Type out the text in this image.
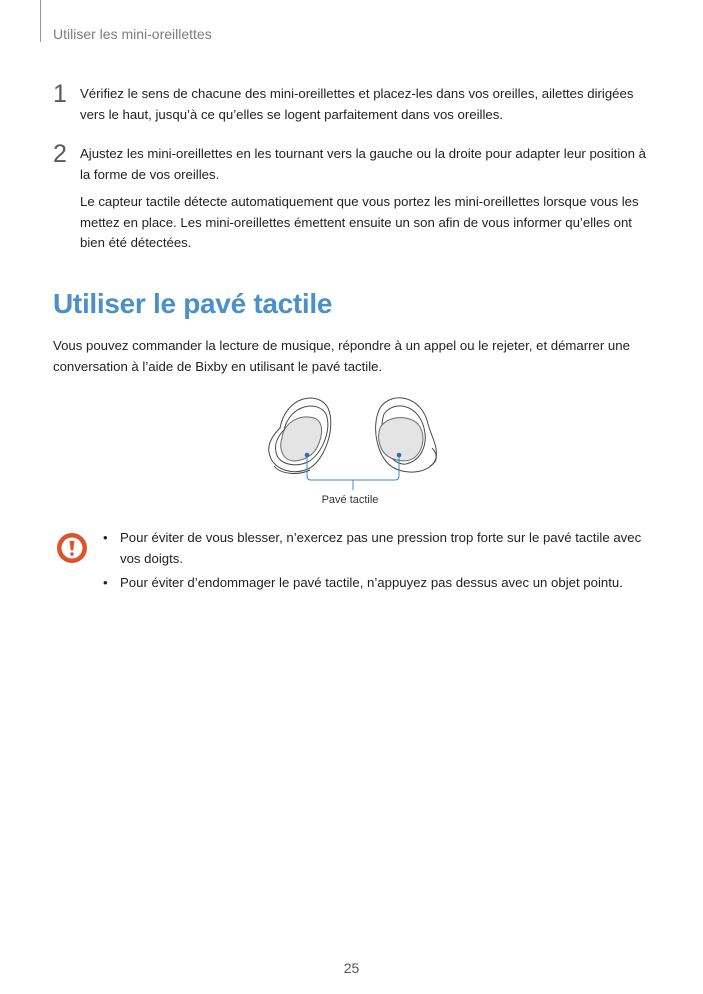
Utiliser les mini-oreillettes
1 Vérifiez le sens de chacune des mini-oreillettes et placez-les dans vos oreilles, ailettes dirigées vers le haut, jusqu’à ce qu’elles se logent parfaitement dans vos oreilles.

2 Ajustez les mini-oreillettes en les tournant vers la gauche ou la droite pour adapter leur position à la forme de vos oreilles.

Le capteur tactile détecte automatiquement que vous portez les mini-oreillettes lorsque vous les mettez en place. Les mini-oreillettes émettent ensuite un son afin de vous informer qu’elles ont bien été détectées.

Utiliser le pavé tactile

Vous pouvez commander la lecture de musique, répondre à un appel ou le rejeter, et démarrer une conversation à l’aide de Bixby en utilisant le pavé tactile.

Pavé tactile
• Pour éviter de vous blesser, n’exercez pas une pression trop forte sur le pavé tactile avec vos doigts.
• Pour éviter d’endommager le pavé tactile, n’appuyez pas dessus avec un objet pointu.
25
